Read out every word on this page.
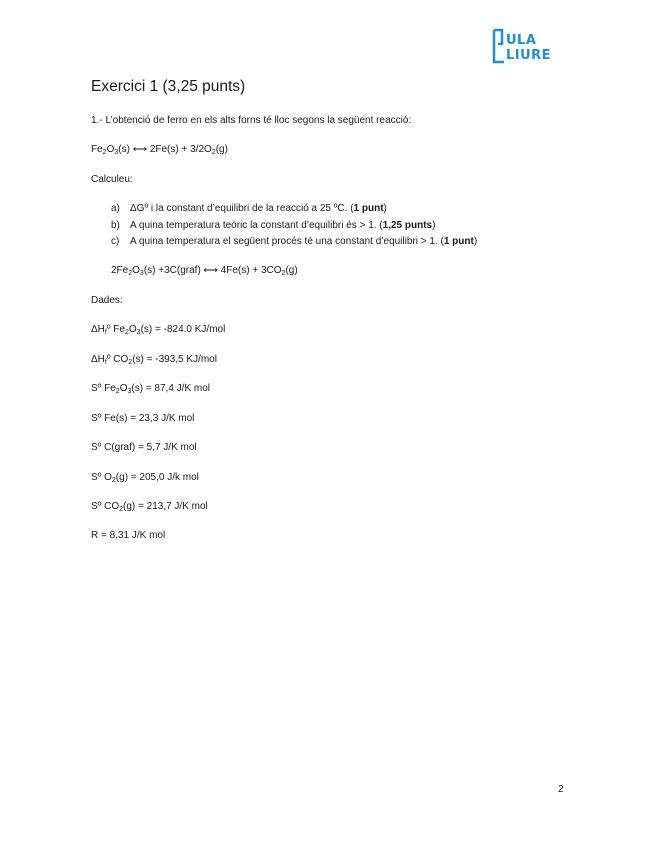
ULA
LIURE
Exercici 1 (3,25 punts)
1.- L’obtenció de ferro en els alts forns té lloc segons la següent reacció:
$Fe_2O_3(s)$ ⟷ $2Fe(s) + 3/2O_2(g)$
Calculeu:
a) ΔGº i la constant d’equilibri de la reacció a 25 ºC. (1 punt)
b) A quina temperatura teòric la constant d’equilibri és > 1. (1,25 punts)
c) A quina temperatura el següent procés té una constant d’equilibri > 1. (1 punt)
$2Fe_2O_3(s)$ +3C(graf) ⟷ $4Fe(s) + 3CO_2(g)$
Dades:
$\Delta H_fº$ $Fe_2O_3(s) = -824.0$ KJ/mol
$\Delta H_fº$ $CO_2(s) = -393,5$ KJ/mol
Sº $Fe_2O_3(s) = 87,4$ J/K mol
Sº Fe(s) = 23,3 J/K mol
Sº C(graf) = 5,7 J/K mol
Sº $O_2(g) = 205,0$ J/k mol
Sº $CO_2(g) = 213,7$ J/K mol
R = 8,31 J/K mol
2
